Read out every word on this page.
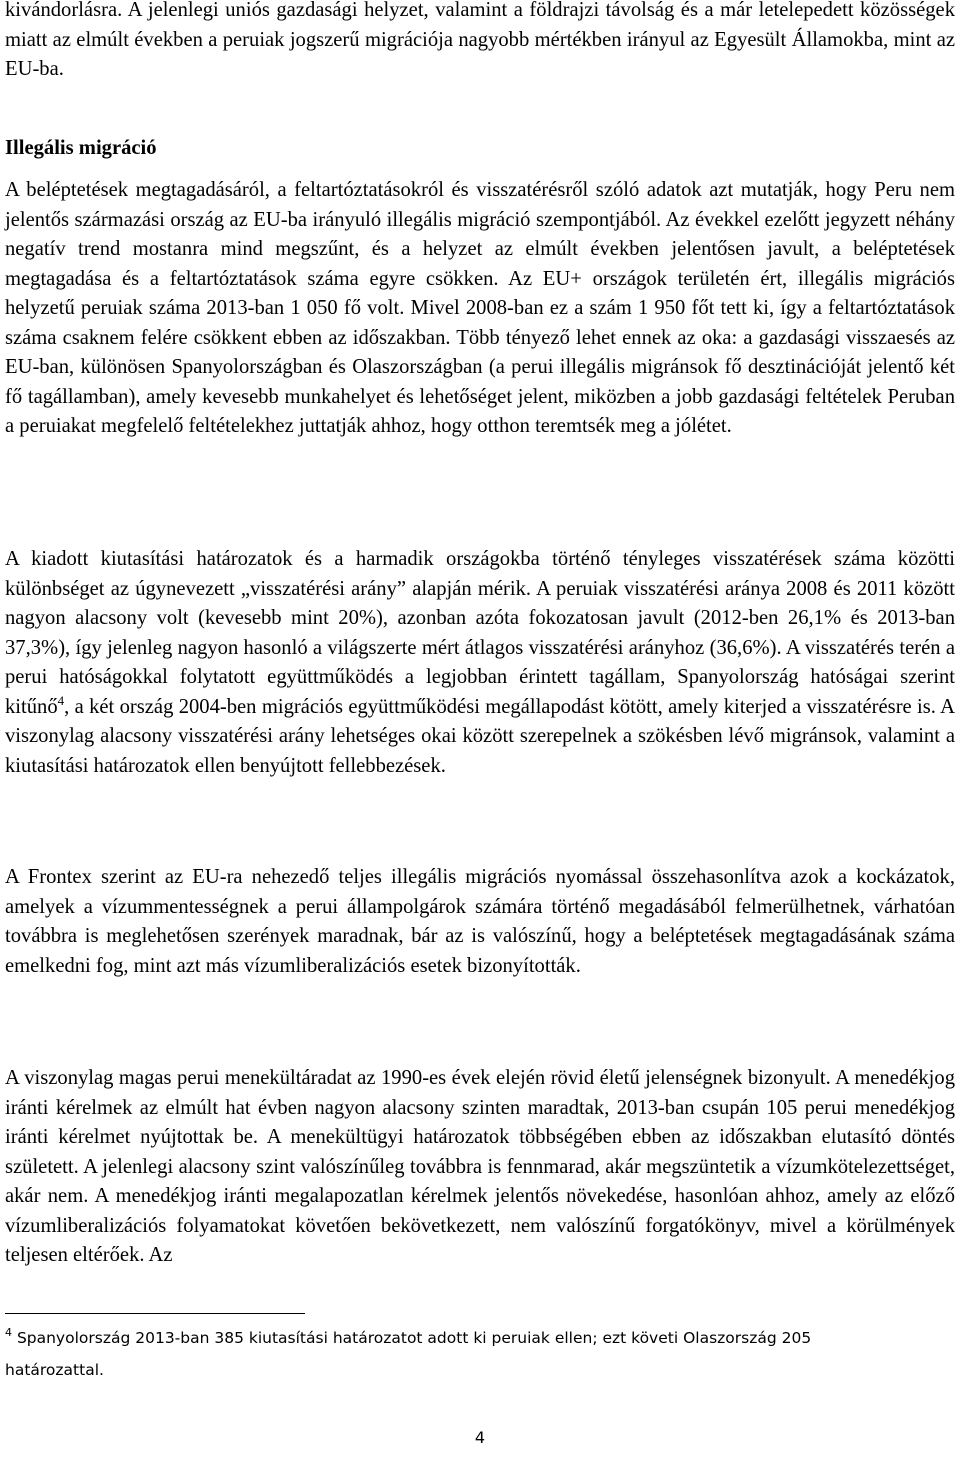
kivándorlásra. A jelenlegi uniós gazdasági helyzet, valamint a földrajzi távolság és a már letelepedett közösségek miatt az elmúlt években a peruiak jogszerű migrációja nagyobb mértékben irányul az Egyesült Államokba, mint az EU-ba.

Illegális migráció

A beléptetések megtagadásáról, a feltartóztatásokról és visszatérésről szóló adatok azt mutatják, hogy Peru nem jelentős származási ország az EU-ba irányuló illegális migráció szempontjából. Az évekkel ezelőtt jegyzett néhány negatív trend mostanra mind megszűnt, és a helyzet az elmúlt években jelentősen javult, a beléptetések megtagadása és a feltartóztatások száma egyre csökken. Az EU+ országok területén ért, illegális migrációs helyzetű peruiak száma 2013-ban 1 050 fő volt. Mivel 2008-ban ez a szám 1 950 főt tett ki, így a feltartóztatások száma csaknem felére csökkent ebben az időszakban. Több tényező lehet ennek az oka: a gazdasági visszaesés az EU-ban, különösen Spanyolországban és Olaszországban (a perui illegális migránsok fő desztinációját jelentő két fő tagállamban), amely kevesebb munkahelyet és lehetőséget jelent, miközben a jobb gazdasági feltételek Peruban a peruiakat megfelelő feltételekhez juttatják ahhoz, hogy otthon teremtsék meg a jólétet.

A kiadott kiutasítási határozatok és a harmadik országokba történő tényleges visszatérések száma közötti különbséget az úgynevezett „visszatérési arány” alapján mérik. A peruiak visszatérési aránya 2008 és 2011 között nagyon alacsony volt (kevesebb mint 20%), azonban azóta fokozatosan javult (2012-ben 26,1% és 2013-ban 37,3%), így jelenleg nagyon hasonló a világszerte mért átlagos visszatérési arányhoz (36,6%). A visszatérés terén a perui hatóságokkal folytatott együttműködés a legjobban érintett tagállam, Spanyolország hatóságai szerint kitűnő$^4$, a két ország 2004-ben migrációs együttműködési megállapodást kötött, amely kiterjed a visszatérésre is. A viszonylag alacsony visszatérési arány lehetséges okai között szerepelnek a szökésben lévő migránsok, valamint a kiutasítási határozatok ellen benyújtott fellebbezések.

A Frontex szerint az EU-ra nehezedő teljes illegális migrációs nyomással összehasonlítva azok a kockázatok, amelyek a vízummentességnek a perui állampolgárok számára történő megadásából felmerülhetnek, várhatóan továbbra is meglehetősen szerények maradnak, bár az is valószínű, hogy a beléptetések megtagadásának száma emelkedni fog, mint azt más vízumliberalizációs esetek bizonyították.

A viszonylag magas perui menekültáradat az 1990-es évek elején rövid életű jelenségnek bizonyult. A menedékjog iránti kérelmek az elmúlt hat évben nagyon alacsony szinten maradtak, 2013-ban csupán 105 perui menedékjog iránti kérelmet nyújtottak be. A menekültügyi határozatok többségében ebben az időszakban elutasító döntés született. A jelenlegi alacsony szint valószínűleg továbbra is fennmarad, akár megszüntetik a vízumkötelezettséget, akár nem. A menedékjog iránti megalapozatlan kérelmek jelentős növekedése, hasonlóan ahhoz, amely az előző vízumliberalizációs folyamatokat követően bekövetkezett, nem valószínű forgatókönyv, mivel a körülmények teljesen eltérőek. Az

$^4$ Spanyolország 2013-ban 385 kiutasítási határozatot adott ki peruiak ellen; ezt követi Olaszország 205 határozattal.

4
